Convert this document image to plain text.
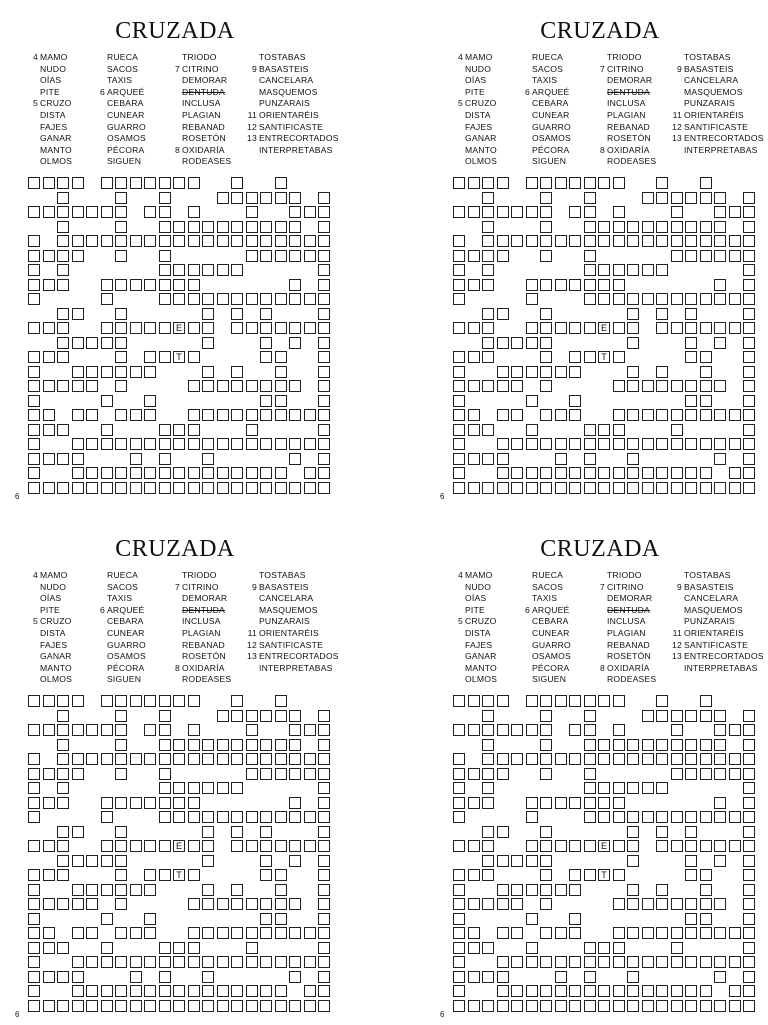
CRUZADA
4 MAMO
NUDO
OÍAS
PITE
5 CRUZO
DISTA
FAJES
GANAR
MANTO
OLMOS
RUECA
SACOS
TAXIS
6 ARQUEÉ
CEBARA
CUNEAR
GUARRO
OSAMOS
PÉCORA
SIGUEN
TRIODO
7 CITRINO
DEMORAR
DENTUDA
INCLUSA
PLAGIAN
REBANAD
ROSETÓN
8 OXIDARÍA
RODEASES
TOSTABAS
9 BASASTEIS
CANCELARA
MASQUEMOS
PUNZARAIS
11 ORIENTARÉIS
12 SANTIFICASTE
13 ENTRECORTADOS
INTERPRETABAS
E
T
6
CRUZADA
4 MAMO
NUDO
OÍAS
PITE
5 CRUZO
DISTA
FAJES
GANAR
MANTO
OLMOS
RUECA
SACOS
TAXIS
6 ARQUEÉ
CEBARA
CUNEAR
GUARRO
OSAMOS
PÉCORA
SIGUEN
TRIODO
7 CITRINO
DEMORAR
DENTUDA
INCLUSA
PLAGIAN
REBANAD
ROSETÓN
8 OXIDARÍA
RODEASES
TOSTABAS
9 BASASTEIS
CANCELARA
MASQUEMOS
PUNZARAIS
11 ORIENTARÉIS
12 SANTIFICASTE
13 ENTRECORTADOS
INTERPRETABAS
E
T
6
CRUZADA
4 MAMO
NUDO
OÍAS
PITE
5 CRUZO
DISTA
FAJES
GANAR
MANTO
OLMOS
RUECA
SACOS
TAXIS
6 ARQUEÉ
CEBARA
CUNEAR
GUARRO
OSAMOS
PÉCORA
SIGUEN
TRIODO
7 CITRINO
DEMORAR
DENTUDA
INCLUSA
PLAGIAN
REBANAD
ROSETÓN
8 OXIDARÍA
RODEASES
TOSTABAS
9 BASASTEIS
CANCELARA
MASQUEMOS
PUNZARAIS
11 ORIENTARÉIS
12 SANTIFICASTE
13 ENTRECORTADOS
INTERPRETABAS
E
T
6
CRUZADA
4 MAMO
NUDO
OÍAS
PITE
5 CRUZO
DISTA
FAJES
GANAR
MANTO
OLMOS
RUECA
SACOS
TAXIS
6 ARQUEÉ
CEBARA
CUNEAR
GUARRO
OSAMOS
PÉCORA
SIGUEN
TRIODO
7 CITRINO
DEMORAR
DENTUDA
INCLUSA
PLAGIAN
REBANAD
ROSETÓN
8 OXIDARÍA
RODEASES
TOSTABAS
9 BASASTEIS
CANCELARA
MASQUEMOS
PUNZARAIS
11 ORIENTARÉIS
12 SANTIFICASTE
13 ENTRECORTADOS
INTERPRETABAS
E
T
6
